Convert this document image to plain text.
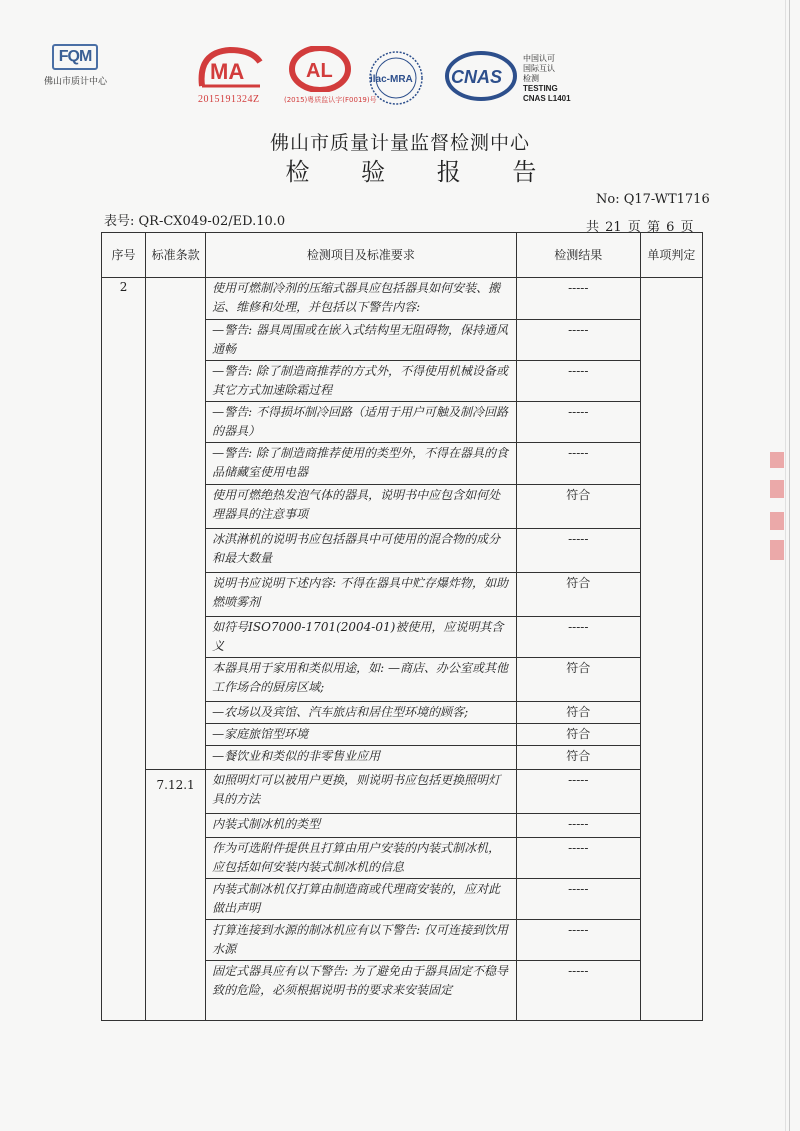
FQM
佛山市质计中心	MA
2015191324Z
AL
(2015)粤质监认字(F0019)号
ilac-MRA CNAS
中国认可
国际互认
检测
TESTING
CNAS L1401
佛山市质量计量监督检测中心
检 验 报 告
No: Q17-WT1716
表号: QR-CX049-02/ED.10.0	共 21 页 第 6 页
序号	标准条款	检测项目及标准要求	检测结果	单项判定
2		使用可燃制冷剂的压缩式器具应包括器具如何安装、搬运、维修和处理，并包括以下警告内容:	-----	
		—警告: 器具周围或在嵌入式结构里无阻碍物，保持通风通畅	-----	
		—警告: 除了制造商推荐的方式外，不得使用机械设备或其它方式加速除霜过程	-----	
		—警告: 不得损坏制冷回路（适用于用户可触及制冷回路的器具）	-----	
		—警告: 除了制造商推荐使用的类型外，不得在器具的食品储藏室使用电器	-----	
		使用可燃绝热发泡气体的器具，说明书中应包含如何处理器具的注意事项	符合	
		冰淇淋机的说明书应包括器具中可使用的混合物的成分和最大数量	-----	
		说明书应说明下述内容: 不得在器具中贮存爆炸物，如助燃喷雾剂	符合	
		如符号ISO7000-1701(2004-01)被使用，应说明其含义	-----	
		本器具用于家用和类似用途，如: —商店、办公室或其他工作场合的厨房区域;	符合	
		—农场以及宾馆、汽车旅店和居住型环境的顾客;	符合	
		—家庭旅馆型环境	符合	
		—餐饮业和类似的非零售业应用	符合	
	7.12.1	如照明灯可以被用户更换，则说明书应包括更换照明灯具的方法	-----	
		内装式制冰机的类型	-----	
		作为可选附件提供且打算由用户安装的内装式制冰机，应包括如何安装内装式制冰机的信息	-----	
		内装式制冰机仅打算由制造商或代理商安装的，应对此做出声明	-----	
		打算连接到水源的制冰机应有以下警告: 仅可连接到饮用水源	-----	
		固定式器具应有以下警告: 为了避免由于器具固定不稳导致的危险，必须根据说明书的要求来安装固定	-----	
